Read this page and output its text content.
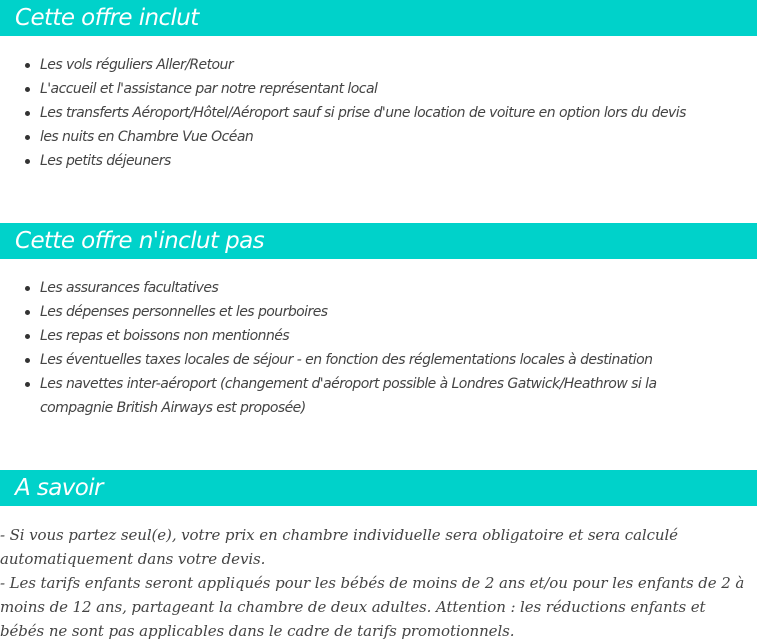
Cette offre inclut
Les vols réguliers Aller/Retour
L'accueil et l'assistance par notre représentant local
Les transferts Aéroport/Hôtel/Aéroport sauf si prise d'une location de voiture en option lors du devis
les nuits en Chambre Vue Océan
Les petits déjeuners
Cette offre n'inclut pas
Les assurances facultatives
Les dépenses personnelles et les pourboires
Les repas et boissons non mentionnés
Les éventuelles taxes locales de séjour - en fonction des réglementations locales à destination
Les navettes inter-aéroport (changement d'aéroport possible à Londres Gatwick/Heathrow si la compagnie British Airways est proposée)
A savoir

- Si vous partez seul(e), votre prix en chambre individuelle sera obligatoire et sera calculé automatiquement dans votre devis.

- Les tarifs enfants seront appliqués pour les bébés de moins de 2 ans et/ou pour les enfants de 2 à moins de 12 ans, partageant la chambre de deux adultes. Attention : les réductions enfants et bébés ne sont pas applicables dans le cadre de tarifs promotionnels.
